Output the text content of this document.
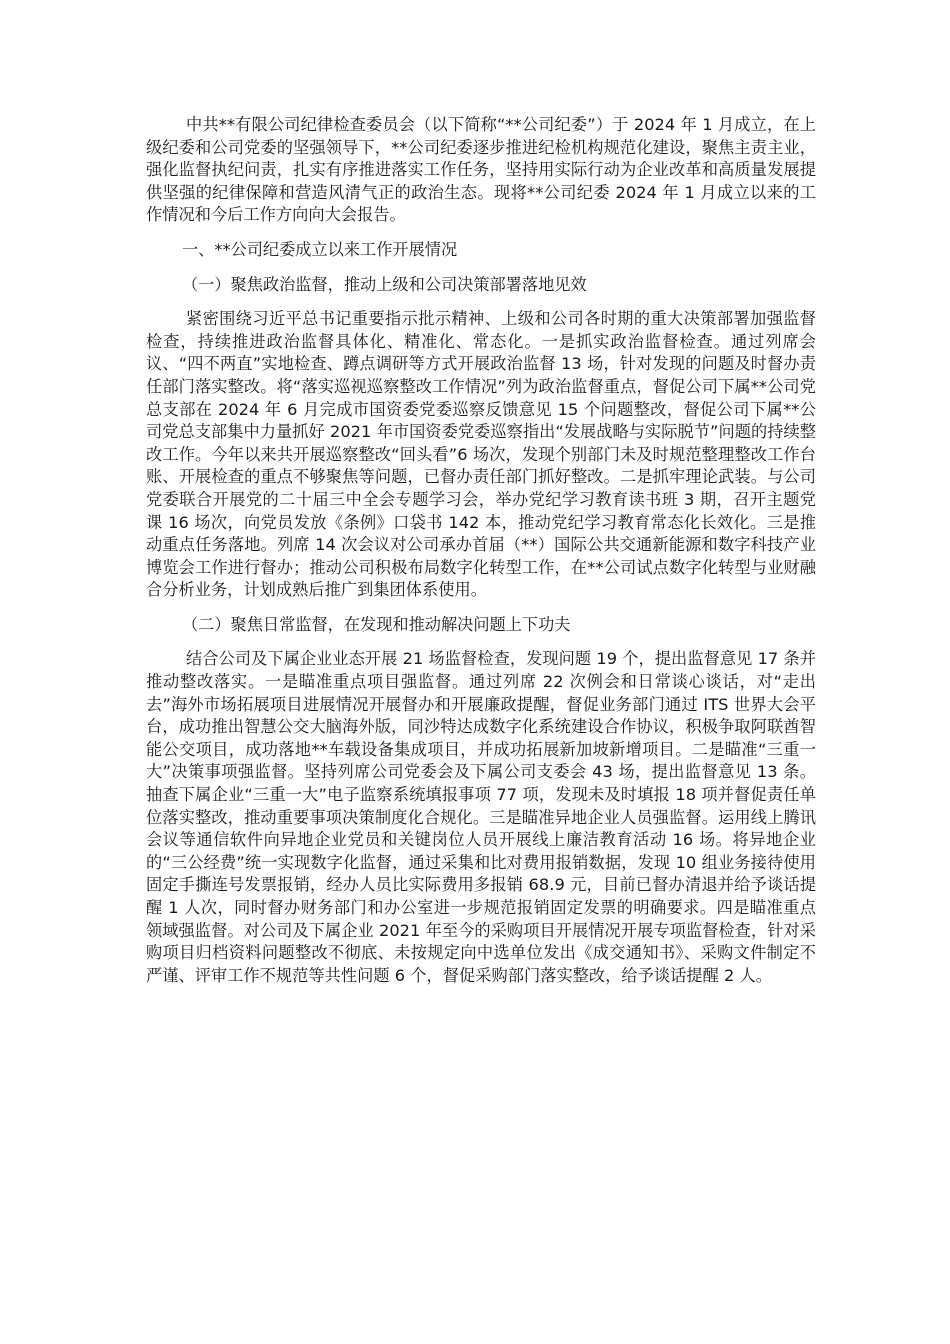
中共**有限公司纪律检查委员会（以下简称“**公司纪委”）于 2024 年 1 月成立，在上级纪委和公司党委的坚强领导下，**公司纪委逐步推进纪检机构规范化建设，聚焦主责主业，强化监督执纪问责，扎实有序推进落实工作任务，坚持用实际行动为企业改革和高质量发展提供坚强的纪律保障和营造风清气正的政治生态。现将**公司纪委 2024 年 1 月成立以来的工作情况和今后工作方向向大会报告。

一、**公司纪委成立以来工作开展情况

（一）聚焦政治监督，推动上级和公司决策部署落地见效

紧密围绕习近平总书记重要指示批示精神、上级和公司各时期的重大决策部署加强监督检查，持续推进政治监督具体化、精准化、常态化。一是抓实政治监督检查。通过列席会议、“四不两直”实地检查、蹲点调研等方式开展政治监督 13 场，针对发现的问题及时督办责任部门落实整改。将“落实巡视巡察整改工作情况”列为政治监督重点，督促公司下属**公司党总支部在 2024 年 6 月完成市国资委党委巡察反馈意见 15 个问题整改，督促公司下属**公司党总支部集中力量抓好 2021 年市国资委党委巡察指出“发展战略与实际脱节”问题的持续整改工作。今年以来共开展巡察整改“回头看”6 场次，发现个别部门未及时规范整理整改工作台账、开展检查的重点不够聚焦等问题，已督办责任部门抓好整改。二是抓牢理论武装。与公司党委联合开展党的二十届三中全会专题学习会，举办党纪学习教育读书班 3 期，召开主题党课 16 场次，向党员发放《条例》口袋书 142 本，推动党纪学习教育常态化长效化。三是推动重点任务落地。列席 14 次会议对公司承办首届（**）国际公共交通新能源和数字科技产业博览会工作进行督办；推动公司积极布局数字化转型工作，在**公司试点数字化转型与业财融合分析业务，计划成熟后推广到集团体系使用。

（二）聚焦日常监督，在发现和推动解决问题上下功夫

结合公司及下属企业业态开展 21 场监督检查，发现问题 19 个，提出监督意见 17 条并推动整改落实。一是瞄准重点项目强监督。通过列席 22 次例会和日常谈心谈话，对“走出去”海外市场拓展项目进展情况开展督办和开展廉政提醒，督促业务部门通过 ITS 世界大会平台，成功推出智慧公交大脑海外版，同沙特达成数字化系统建设合作协议，积极争取阿联酋智能公交项目，成功落地**车载设备集成项目，并成功拓展新加坡新增项目。二是瞄准“三重一大”决策事项强监督。坚持列席公司党委会及下属公司支委会 43 场，提出监督意见 13 条。抽查下属企业“三重一大”电子监察系统填报事项 77 项，发现未及时填报 18 项并督促责任单位落实整改，推动重要事项决策制度化合规化。三是瞄准异地企业人员强监督。运用线上腾讯会议等通信软件向异地企业党员和关键岗位人员开展线上廉洁教育活动 16 场。将异地企业的“三公经费”统一实现数字化监督，通过采集和比对费用报销数据，发现 10 组业务接待使用固定手撕连号发票报销，经办人员比实际费用多报销 68.9 元，目前已督办清退并给予谈话提醒 1 人次，同时督办财务部门和办公室进一步规范报销固定发票的明确要求。四是瞄准重点领域强监督。对公司及下属企业 2021 年至今的采购项目开展情况开展专项监督检查，针对采购项目归档资料问题整改不彻底、未按规定向中选单位发出《成交通知书》、采购文件制定不严谨、评审工作不规范等共性问题 6 个，督促采购部门落实整改，给予谈话提醒 2 人。
